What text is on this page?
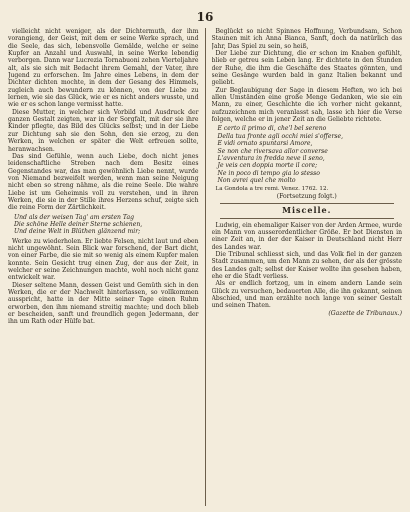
16

vielleicht nicht weniger, als der Dichtermuth, der ihm vorangieng, der Geist, mit dem er seine Werke sprach, und die Seele, das sich, lebensvolle Gemälde, welche er seine Kupfer an Anzahl und Auswahl, in seine Werke lebendig verborgen. Dann war Lucrezia Tornabuoni zehen Vierteljahre alt, als sie sich mit Bedacht ihrem Gemahl, der Vater, ihre Jugend zu erforschen. Im Jahre eines Lebens, in dem der Dichter dichten mochte, in dem der Gesang des Himmels, zugleich auch bewundern zu können, von der Liebe zu lernen, wie sie das Glück, wie er es nicht anders wusste, und wie er es schon lange vermisst hatte.

Diese Mutter, in welcher sich Vorbild und Ausdruck der ganzen Gestalt zeigten, war in der Sorgfalt, mit der sie ihre Kinder pflegte, das Bild des Glücks selbst; und in der Liebe zur Dichtung sah sie den Sohn, den sie erzog, zu den Werken, in welchen er später die Welt erfreuen sollte, heranwachsen.

Das sind Gefühle, wenn auch Liebe, doch nicht jenes leidenschaftliche Streben nach dem Besitz eines Gegenstandes war, das man gewöhnlich Liebe nennt, wurde von Niemand bezweifelt werden, wenn man seine Neigung nicht eben so streng nähme, als die reine Seele. Die wahre Liebe ist um Geheimnis voll zu verstehen, und in ihren Werken, die sie in der Stille ihres Herzens schuf, zeigte sich die reine Form der Zärtlichkeit.

Und als der weisen Tag' am ersten Tag
Die schöne Helle deiner Sterne schienen,
Und deine Welt in Blüthen glänzend mir;

Werke zu wiederholen. Er liebte Felsen, nicht laut und eben nicht ungewöhnt. Sein Blick war forschend, der Bart dicht, von einer Farbe, die sie mit so wenig als einem Kupfer malen konnte. Sein Gesicht trug einen Zug, der aus der Zeit, in welcher er seine Zeichnungen machte, wohl noch nicht ganz entwickelt war.

Dieser seltene Mann, dessen Geist und Gemüth sich in den Werken, die er der Nachwelt hinterlassen, so vollkommen ausspricht, hatte in der Mitte seiner Tage einen Ruhm erworben, den ihm niemand streitig machte; und doch blieb er bescheiden, sanft und freundlich gegen Jedermann, der ihn um Rath oder Hülfe bat.

Beglückt so nicht Spinnes Hoffnung, Verbundsam, Schon Staunen mit ich Anna Bianca, Sanft, doch da natürlich das Jahr, Das Spiel zu sein, so heiß,

Der Liebe zur Dichtung, die er schon im Knaben gefühlt, blieb er getreu sein Leben lang. Er dichtete in den Stunden der Ruhe, die ihm die Geschäfte des Staates gönnten, und seine Gesänge wurden bald in ganz Italien bekannt und geliebt.

Zur Beglaubigung der Sage in diesem Heften, wo ich bei allen Umständen eine große Menge Gedanken, wie sie ein Mann, zu einer, Geschichte die ich vorher nicht gekannt, aufzuzeichnen mich veranlasst sah, lasse ich hier die Verse folgen, welche er in jener Zeit an die Geliebte richtete.

E certo il primo di, che'l bel sereno
Della tua fronte agli occhi miei s'offerse,
E vidi ornato spuntarsi Amore,
Se non che riversava allor converse
L'avventura in fredda neve il seno,
Je veis cen doppia morte il core;
Ne in poco di tempo gia lo stesso
Non avrei quel che molto

La Gondola a tre remi. Venez. 1762. 12.

(Fortsetzung folgt.)

Miscelle.

Ludwig, ein ehemaliger Kaiser von der Arden Armee, wurde ein Mann von ausserordentlicher Größe. Er bot Diensten in einer Zeit an, in der der Kaiser in Deutschland nicht Herr des Landes war.

Die Tribunal schliesst sich, und das Volk fiel in der ganzen Stadt zusammen, um den Mann zu sehen, der als der grösste des Landes galt; selbst der Kaiser wollte ihn gesehen haben, ehe er die Stadt verliess.

Als er endlich fortzog, um in einem andern Lande sein Glück zu versuchen, bedauerten Alle, die ihn gekannt, seinen Abschied, und man erzählte noch lange von seiner Gestalt und seinen Thaten.

(Gazette de Tribunaux.)
